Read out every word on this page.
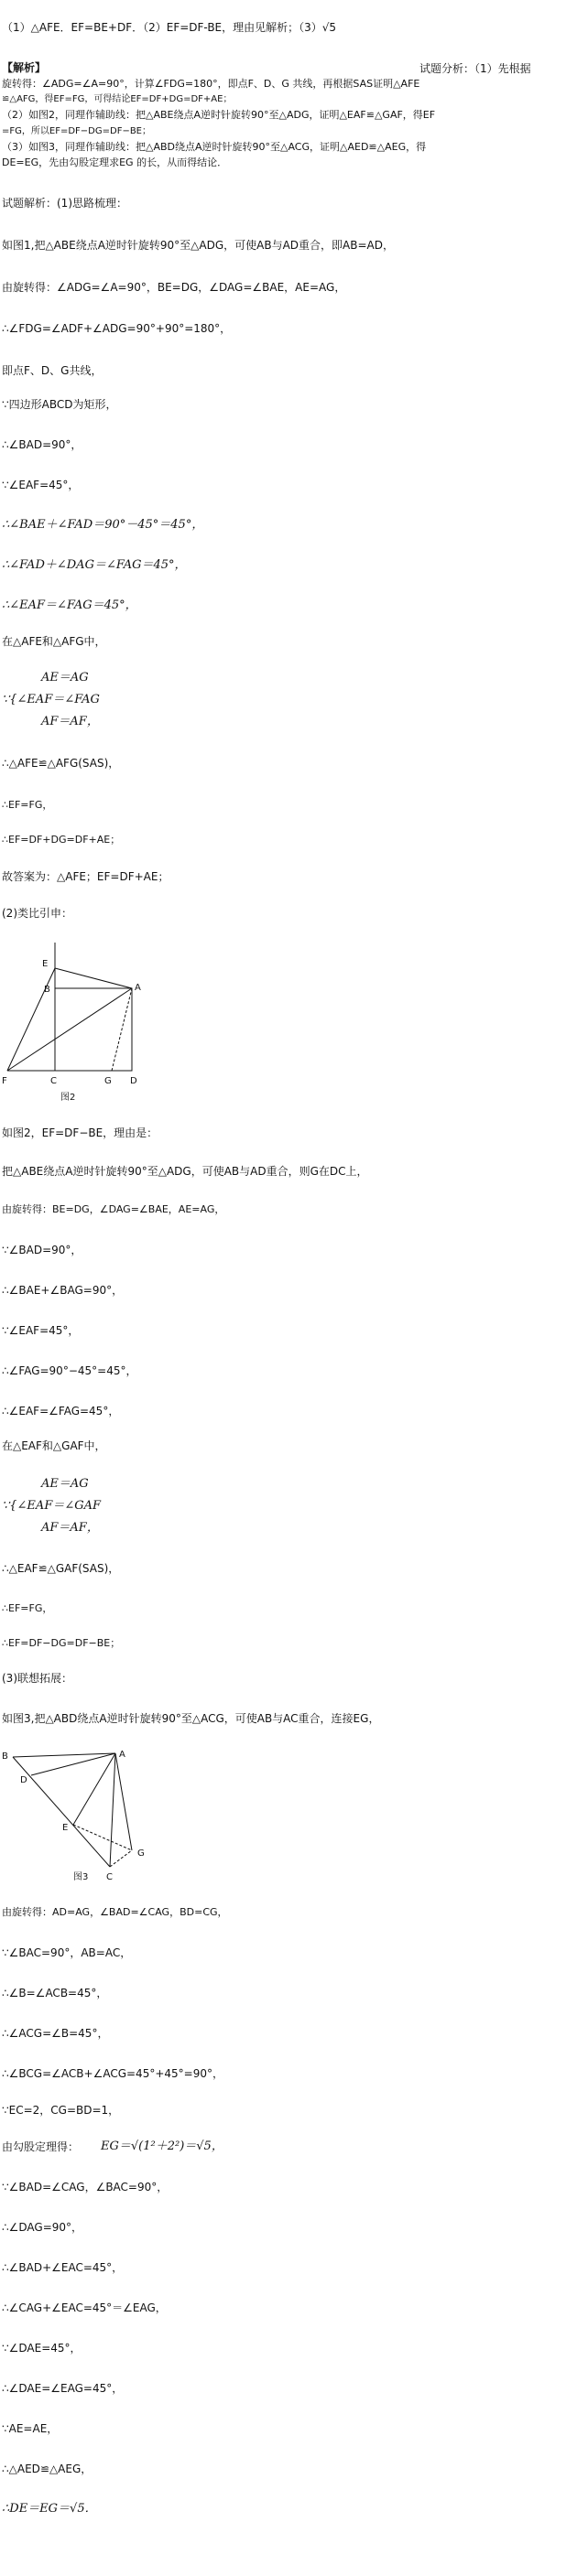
（1）△AFE．EF=BE+DF．（2）EF=DF-BE，理由见解析；（3）√5
【解析】	试题分析：（1）先根据
旋转得：∠ADG=∠A=90°，计算∠FDG=180°，即点F、D、G 共线，再根据SAS证明△AFE
≌△AFG，得EF=FG，可得结论EF=DF+DG=DF+AE；
（2）如图2，同理作辅助线：把△ABE绕点A逆时针旋转90°至△ADG，证明△EAF≌△GAF，得EF
=FG，所以EF=DF−DG=DF−BE；
（3）如图3，同理作辅助线：把△ABD绕点A逆时针旋转90°至△ACG，证明△AED≌△AEG，得
DE=EG，先由勾股定理求EG 的长，从而得结论．
试题解析：(1)思路梳理：
如图1,把△ABE绕点A逆时针旋转90°至△ADG，可使AB与AD重合，即AB=AD，
由旋转得：∠ADG=∠A=90°，BE=DG，∠DAG=∠BAE，AE=AG，
∴∠FDG=∠ADF+∠ADG=90°+90°=180°，
即点F、D、G共线，
∵四边形ABCD为矩形，
∴∠BAD=90°，
∵∠EAF=45°，
∴∠BAE＋∠FAD＝90°－45°＝45°，
∴∠FAD＋∠DAG＝∠FAG＝45°，
∴∠EAF＝∠FAG＝45°，
在△AFE和△AFG中，
AE＝AG
∵{∠EAF＝∠FAG
AF＝AF，
∴△AFE≌△AFG(SAS)，
∴EF=FG，
∴EF=DF+DG=DF+AE；
故答案为：△AFE；EF=DF+AE；
(2)类比引申：
E
B	A
F	C	G D
图2
如图2，EF=DF−BE，理由是：
把△ABE绕点A逆时针旋转90°至△ADG，可使AB与AD重合，则G在DC上，
由旋转得：BE=DG，∠DAG=∠BAE，AE=AG，
∵∠BAD=90°，
∴∠BAE+∠BAG=90°，
∵∠EAF=45°，
∴∠FAG=90°−45°=45°，
∴∠EAF=∠FAG=45°，
在△EAF和△GAF中，
AE＝AG
∵{∠EAF＝∠GAF
AF＝AF，
∴△EAF≌△GAF(SAS)，
∴EF=FG，
∴EF=DF−DG=DF−BE；
(3)联想拓展：
如图3,把△ABD绕点A逆时针旋转90°至△ACG，可使AB与AC重合，连接EG，
B	A
D
E
G
C
图3
由旋转得：AD=AG，∠BAD=∠CAG，BD=CG，
∵∠BAC=90°，AB=AC，
∴∠B=∠ACB=45°，
∴∠ACG=∠B=45°，
∴∠BCG=∠ACB+∠ACG=45°+45°=90°，
∵EC=2，CG=BD=1，
由勾股定理得： EG＝√(1²＋2²)＝√5，
∵∠BAD=∠CAG，∠BAC=90°，
∴∠DAG=90°，
∴∠BAD+∠EAC=45°，
∴∠CAG+∠EAC=45°＝∠EAG，
∵∠DAE=45°，
∴∠DAE=∠EAG=45°，
∵AE=AE，
∴△AED≌△AEG，
∴DE＝EG＝√5．
